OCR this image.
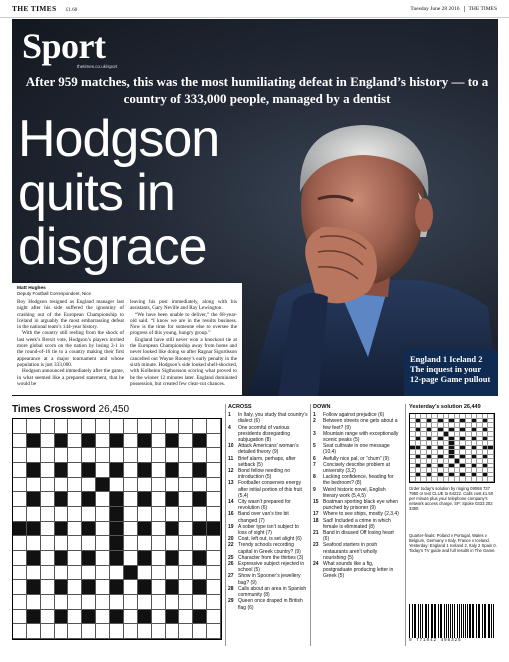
THE TIMES £1.60	Tuesday June 28 2016 THE TIMES
Sport
thetimes.co.uk/sport
After 959 matches, this was the most humiliating defeat in England’s history — to a country of 333,000 people, managed by a dentist
Hodgson
quits in
disgrace
Matt Hughes
Deputy Football Correspondent, Nice

Roy Hodgson resigned as England manager last night after his side suffered the ignominy of crashing out of the European Championship to Iceland in arguably the most embarrassing defeat in the national team’s 144-year history.

With the country still reeling from the shock of last week’s Brexit vote, Hodgson’s players invited more global scorn on the nation by losing 2-1 in the round-of-16 tie to a country making their first appearance at a major tournament and whose population is just 333,000.

Hodgson announced immediately after the game, in what seemed like a prepared statement, that he would be

leaving his post immediately, along with his assistants, Gary Neville and Ray Lewington.

“We have been unable to deliver,” the 68-year-old said. “I know we are in the results business. Now is the time for someone else to oversee the progress of this young, hungry group.”

England have still never won a knockout tie at the European Championship away from home and never looked like doing so after Ragnar Sigurdsson cancelled out Wayne Rooney’s early penalty in the sixth minute. Hodgson’s side looked shell-shocked, with Kolbeinn Sigthorsson scoring what proved to be the winner 12 minutes later. England dominated possession, but created few clear-cut chances.

England 1 Iceland 2
The inquest in your 12-page Game pullout
Times Crossword 26,450	ACROSS
1	In Italy, you study that country’s dialect (6)
4	One scornful of various presidents disregarding subjugation (8)
10 Attack Americans’ woman’s detailed theory (9)
11 Brief alarm, perhaps, after setback (5)
12 Bond fellow needing no introduction (5)
13 Footballer conserves energy after initial portion of this fruit (5,4)
14 City wasn’t prepared for revolution (6)
16 Band over van’s tire bit changed (7)
19 A sober type isn’t subject to loss of sight (7)
20 Coat, left out, is set alight (6)
22 Trendy schools recording capital in Greek country? (9)
25 Character from the thirties (3)
26 Expressive subject rejected in school (5)
27 Show in Spooner’s jewellery bag? (9)
28 Calls about an area in Spanish community (8)
29 Queen once draped in British flag (6)
DOWN
1	Follow against prejudice (6)
2	Between streets one gets about a few feet? (9)
3	Mountain range with exceptionally scenic peaks (5)
5	Seat cultivate in one message (10,4)
6	Awfully nice pal, or “chum” (9)
7	Concisely describe problem at university (3,2)
8	Lacking confidence, heading for the bedroom? (8)
9	Weird historic novel, English literary work (5,4,5)
15 Boatman sporting black eye when punched by prisoner (9)
17 Where to see ships, mostly (2,3,4)
18 Sad! Included a crime in which female is eliminated (8)
21 Band in disused Off losing heart (6)
23 Seafood starters in posh restaurants aren’t wholly nourishing (5)
24 What sounds like a fig, postgraduate producing letter in Greek (5)
Yesterday’s solution 26,449
Order today’s solution by ringing 09068 737 7980 or text CLUE to 64222. Calls cost £1.50 per minute plus your telephone company’s network access charge. SP: Spoke 0333 202 3390.
Quarter-finals: Poland v Portugal, Wales v Belgium, Germany v Italy, France v Iceland. Yesterday: England 1 Iceland 2, Italy 2 Spain 0. Today’s TV guide and full results in The Game.
9 771042 498325
